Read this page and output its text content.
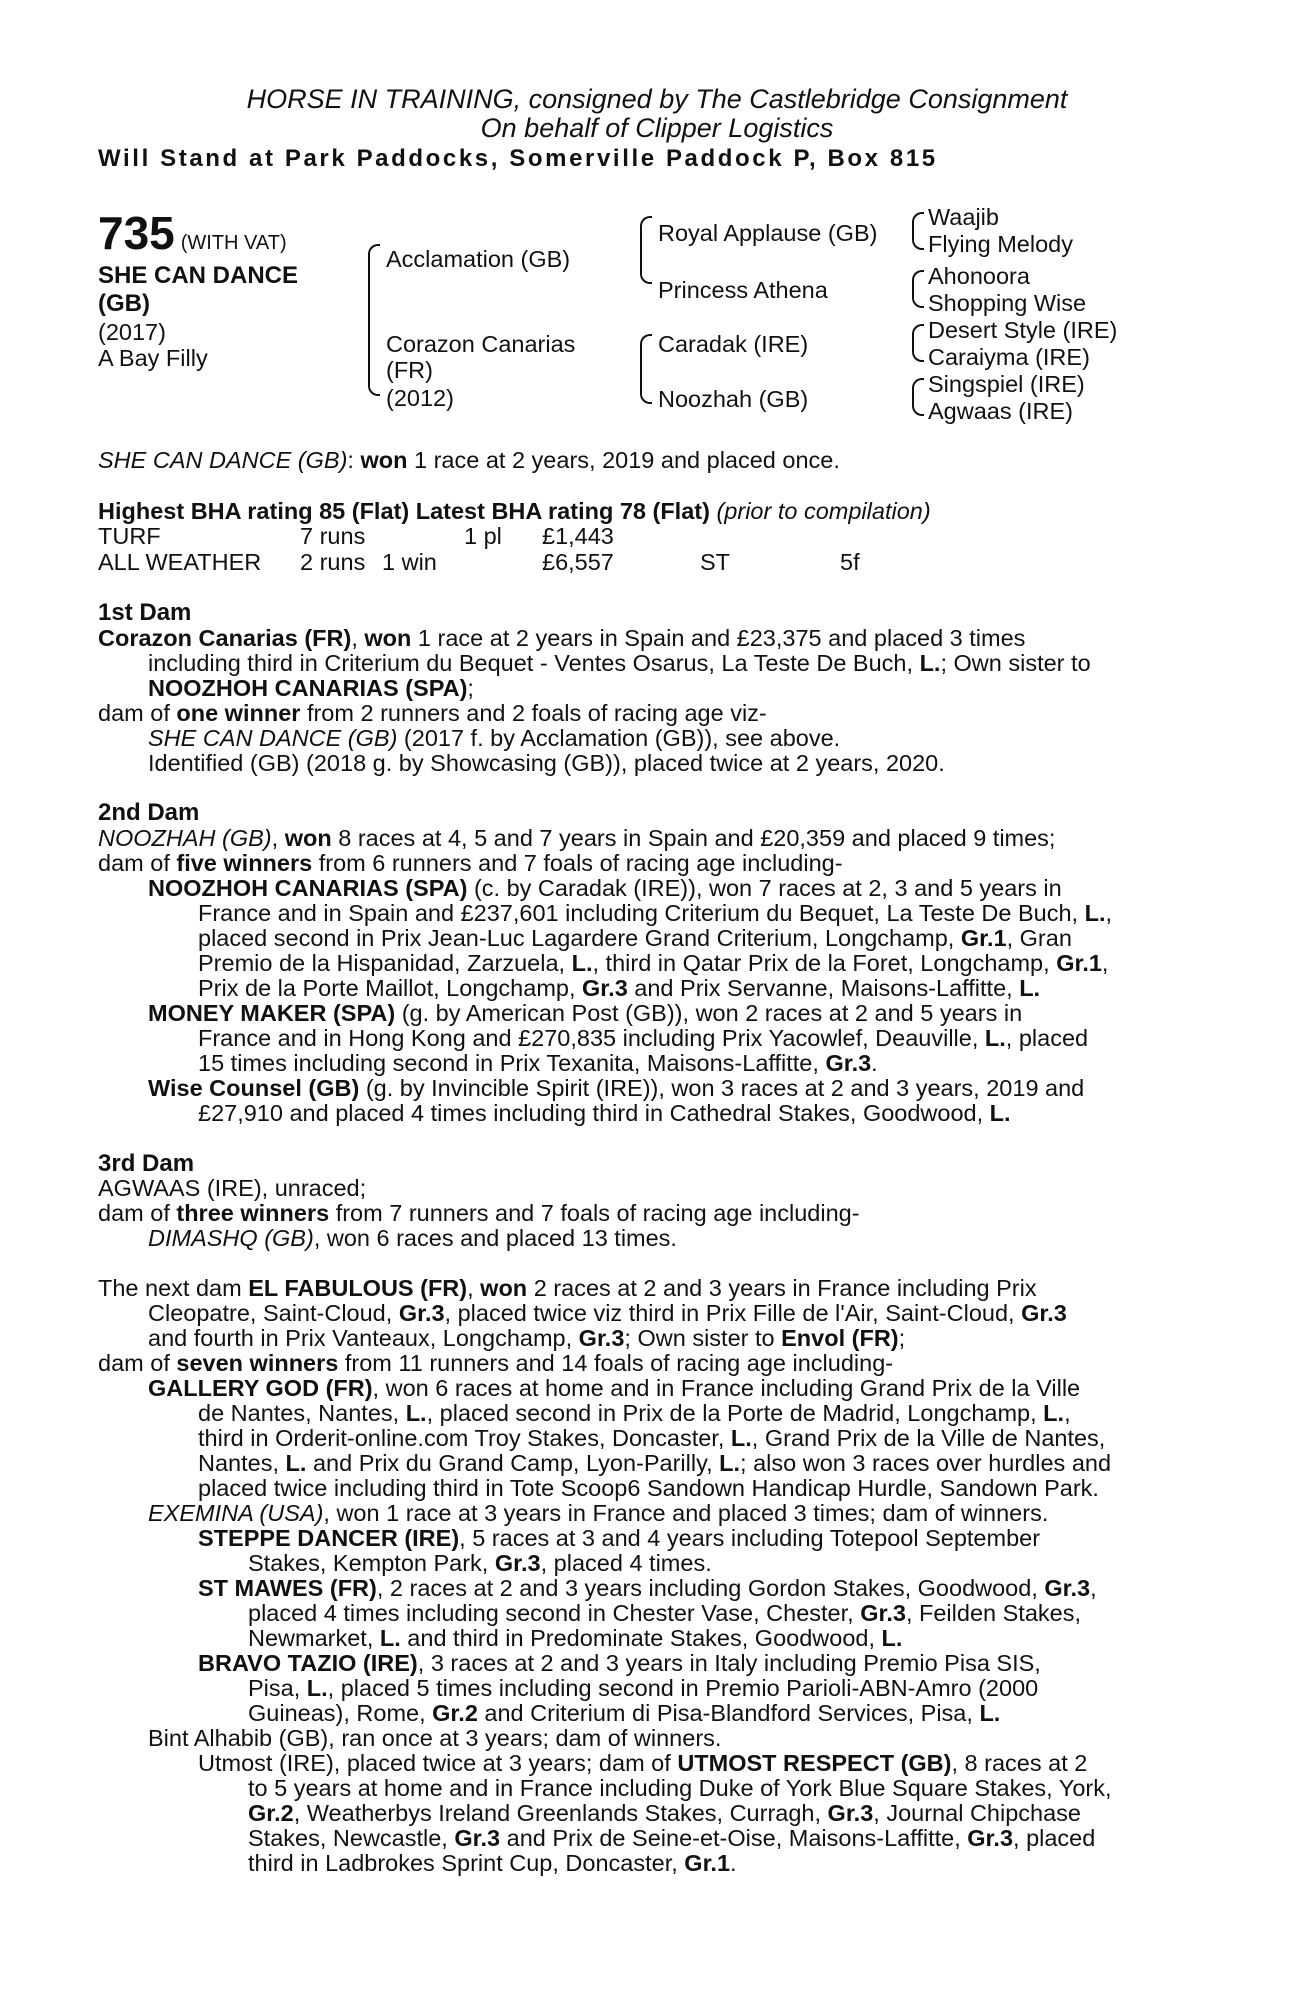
HORSE IN TRAINING, consigned by The Castlebridge Consignment
On behalf of Clipper Logistics
Will Stand at Park Paddocks, Somerville Paddock P, Box 815
735 (WITH VAT)
SHE CAN DANCE
(GB)
(2017)
A Bay Filly
Acclamation (GB)
Corazon Canarias
(FR)
(2012)
Royal Applause (GB)
Princess Athena
Caradak (IRE)
Noozhah (GB)
Waajib
Flying Melody
Ahonoora
Shopping Wise
Desert Style (IRE)
Caraiyma (IRE)
Singspiel (IRE)
Agwaas (IRE)
SHE CAN DANCE (GB): won 1 race at 2 years, 2019 and placed once.
Highest BHA rating 85 (Flat) Latest BHA rating 78 (Flat) (prior to compilation)
TURF	7 runs	1 pl £1,443
ALL WEATHER 2 runs 1 win	£6,557	ST	5f
1st Dam
Corazon Canarias (FR), won 1 race at 2 years in Spain and £23,375 and placed 3 times
including third in Criterium du Bequet - Ventes Osarus, La Teste De Buch, L.; Own sister to
NOOZHOH CANARIAS (SPA);
dam of one winner from 2 runners and 2 foals of racing age viz-
SHE CAN DANCE (GB) (2017 f. by Acclamation (GB)), see above.
Identified (GB) (2018 g. by Showcasing (GB)), placed twice at 2 years, 2020.
2nd Dam
NOOZHAH (GB), won 8 races at 4, 5 and 7 years in Spain and £20,359 and placed 9 times;
dam of five winners from 6 runners and 7 foals of racing age including-
NOOZHOH CANARIAS (SPA) (c. by Caradak (IRE)), won 7 races at 2, 3 and 5 years in
France and in Spain and £237,601 including Criterium du Bequet, La Teste De Buch, L.,
placed second in Prix Jean-Luc Lagardere Grand Criterium, Longchamp, Gr.1, Gran
Premio de la Hispanidad, Zarzuela, L., third in Qatar Prix de la Foret, Longchamp, Gr.1,
Prix de la Porte Maillot, Longchamp, Gr.3 and Prix Servanne, Maisons-Laffitte, L.
MONEY MAKER (SPA) (g. by American Post (GB)), won 2 races at 2 and 5 years in
France and in Hong Kong and £270,835 including Prix Yacowlef, Deauville, L., placed
15 times including second in Prix Texanita, Maisons-Laffitte, Gr.3.
Wise Counsel (GB) (g. by Invincible Spirit (IRE)), won 3 races at 2 and 3 years, 2019 and
£27,910 and placed 4 times including third in Cathedral Stakes, Goodwood, L.
3rd Dam
AGWAAS (IRE), unraced;
dam of three winners from 7 runners and 7 foals of racing age including-
DIMASHQ (GB), won 6 races and placed 13 times.
The next dam EL FABULOUS (FR), won 2 races at 2 and 3 years in France including Prix
Cleopatre, Saint-Cloud, Gr.3, placed twice viz third in Prix Fille de l'Air, Saint-Cloud, Gr.3
and fourth in Prix Vanteaux, Longchamp, Gr.3; Own sister to Envol (FR);
dam of seven winners from 11 runners and 14 foals of racing age including-
GALLERY GOD (FR), won 6 races at home and in France including Grand Prix de la Ville
de Nantes, Nantes, L., placed second in Prix de la Porte de Madrid, Longchamp, L.,
third in Orderit-online.com Troy Stakes, Doncaster, L., Grand Prix de la Ville de Nantes,
Nantes, L. and Prix du Grand Camp, Lyon-Parilly, L.; also won 3 races over hurdles and
placed twice including third in Tote Scoop6 Sandown Handicap Hurdle, Sandown Park.
EXEMINA (USA), won 1 race at 3 years in France and placed 3 times; dam of winners.
STEPPE DANCER (IRE), 5 races at 3 and 4 years including Totepool September
Stakes, Kempton Park, Gr.3, placed 4 times.
ST MAWES (FR), 2 races at 2 and 3 years including Gordon Stakes, Goodwood, Gr.3,
placed 4 times including second in Chester Vase, Chester, Gr.3, Feilden Stakes,
Newmarket, L. and third in Predominate Stakes, Goodwood, L.
BRAVO TAZIO (IRE), 3 races at 2 and 3 years in Italy including Premio Pisa SIS,
Pisa, L., placed 5 times including second in Premio Parioli-ABN-Amro (2000
Guineas), Rome, Gr.2 and Criterium di Pisa-Blandford Services, Pisa, L.
Bint Alhabib (GB), ran once at 3 years; dam of winners.
Utmost (IRE), placed twice at 3 years; dam of UTMOST RESPECT (GB), 8 races at 2
to 5 years at home and in France including Duke of York Blue Square Stakes, York,
Gr.2, Weatherbys Ireland Greenlands Stakes, Curragh, Gr.3, Journal Chipchase
Stakes, Newcastle, Gr.3 and Prix de Seine-et-Oise, Maisons-Laffitte, Gr.3, placed
third in Ladbrokes Sprint Cup, Doncaster, Gr.1.
